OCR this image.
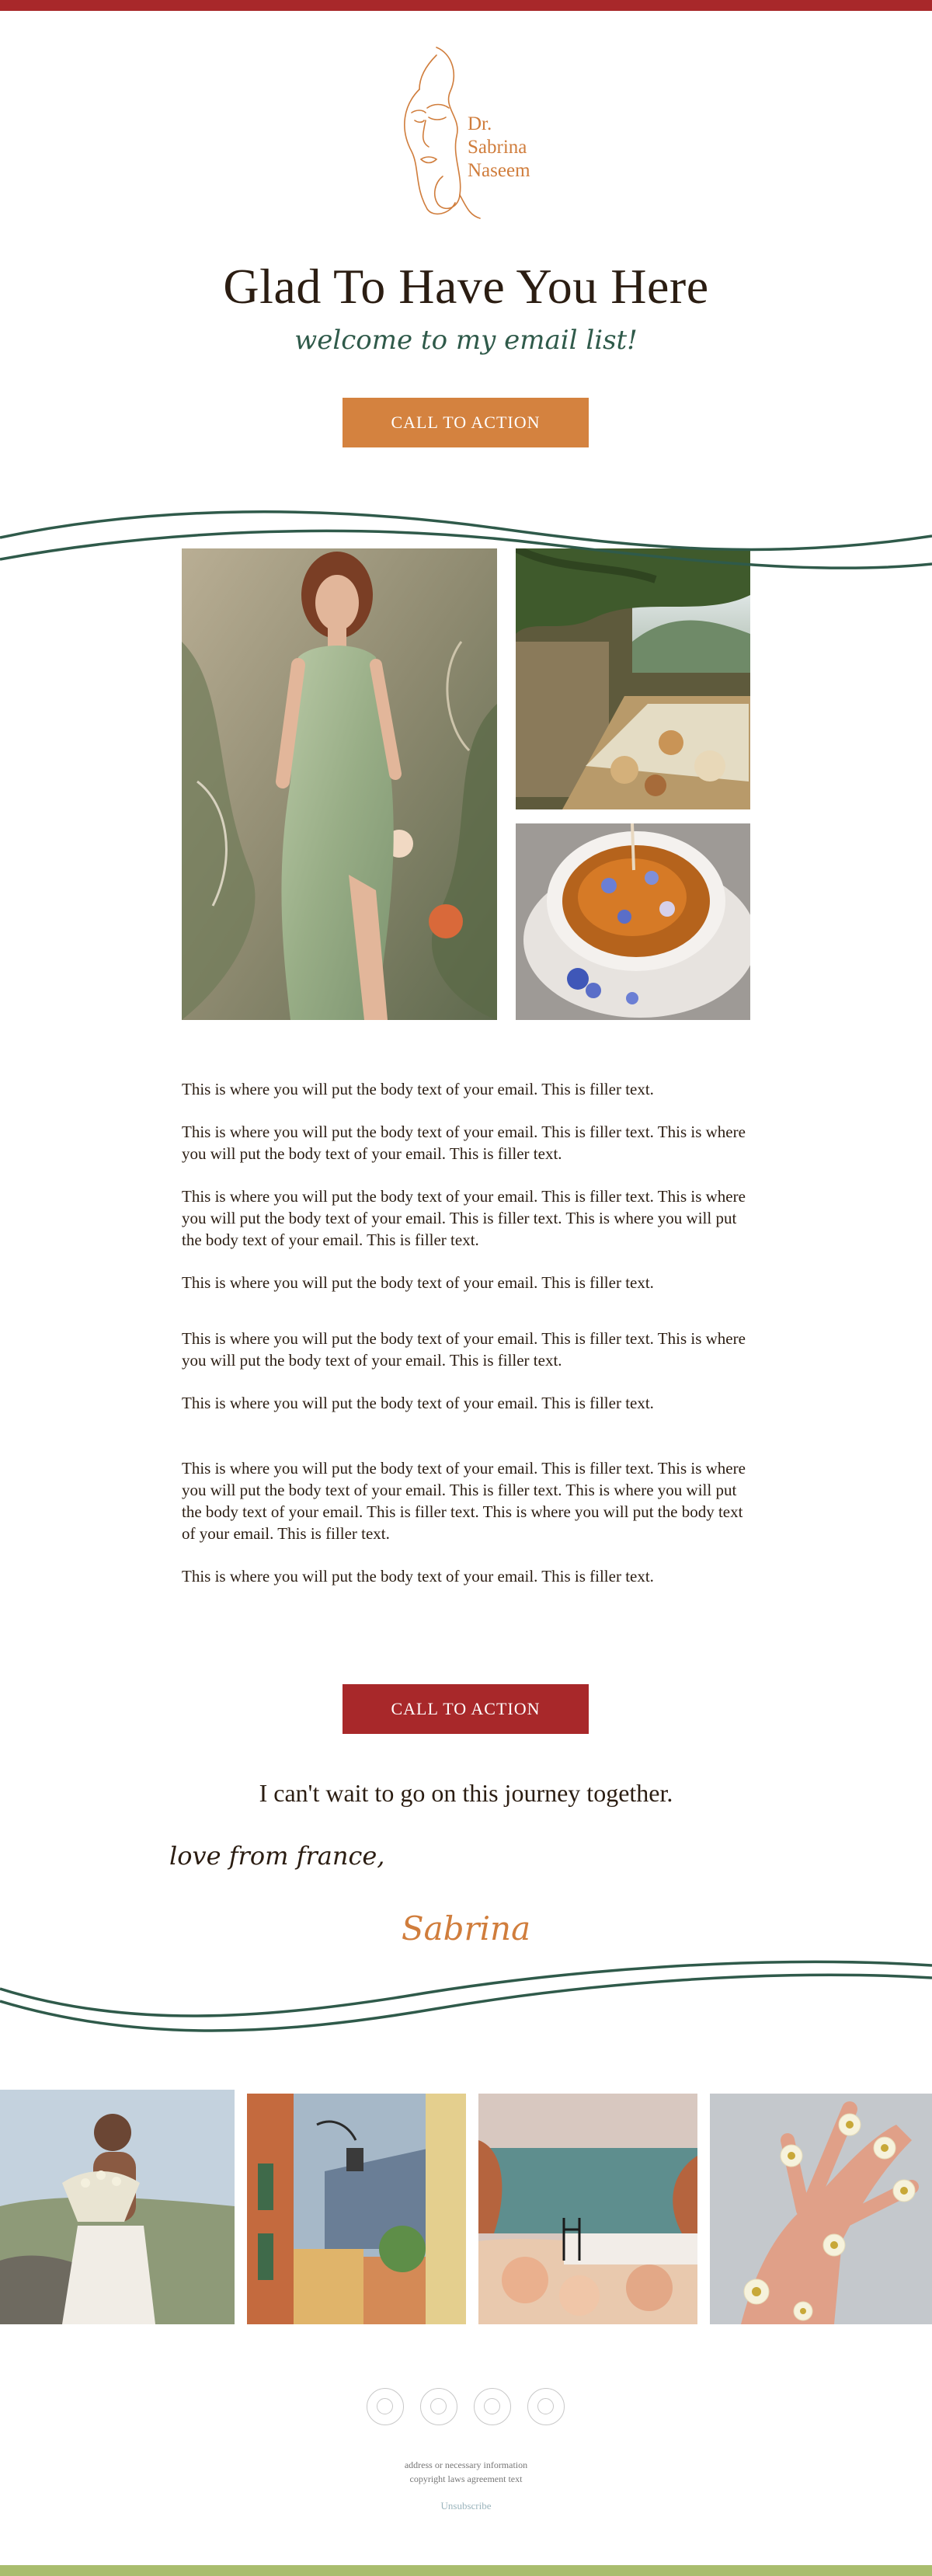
Dr.
Sabrina
Naseem
Glad To Have You Here
welcome to my email list!
CALL TO ACTION

This is where you will put the body text of your email. This is filler text.

This is where you will put the body text of your email. This is filler text. This is where you will put the body text of your email. This is filler text.

This is where you will put the body text of your email. This is filler text. This is where you will put the body text of your email. This is filler text. This is where you will put the body text of your email. This is filler text.

This is where you will put the body text of your email. This is filler text.

This is where you will put the body text of your email. This is filler text. This is where you will put the body text of your email. This is filler text.

This is where you will put the body text of your email. This is filler text.

This is where you will put the body text of your email. This is filler text. This is where you will put the body text of your email. This is filler text. This is where you will put the body text of your email. This is filler text. This is where you will put the body text of your email. This is filler text.

This is where you will put the body text of your email. This is filler text.

CALL TO ACTION
I can't wait to go on this journey together.
love from france,
Sabrina
address or necessary information
copyright laws agreement text
Unsubscribe
